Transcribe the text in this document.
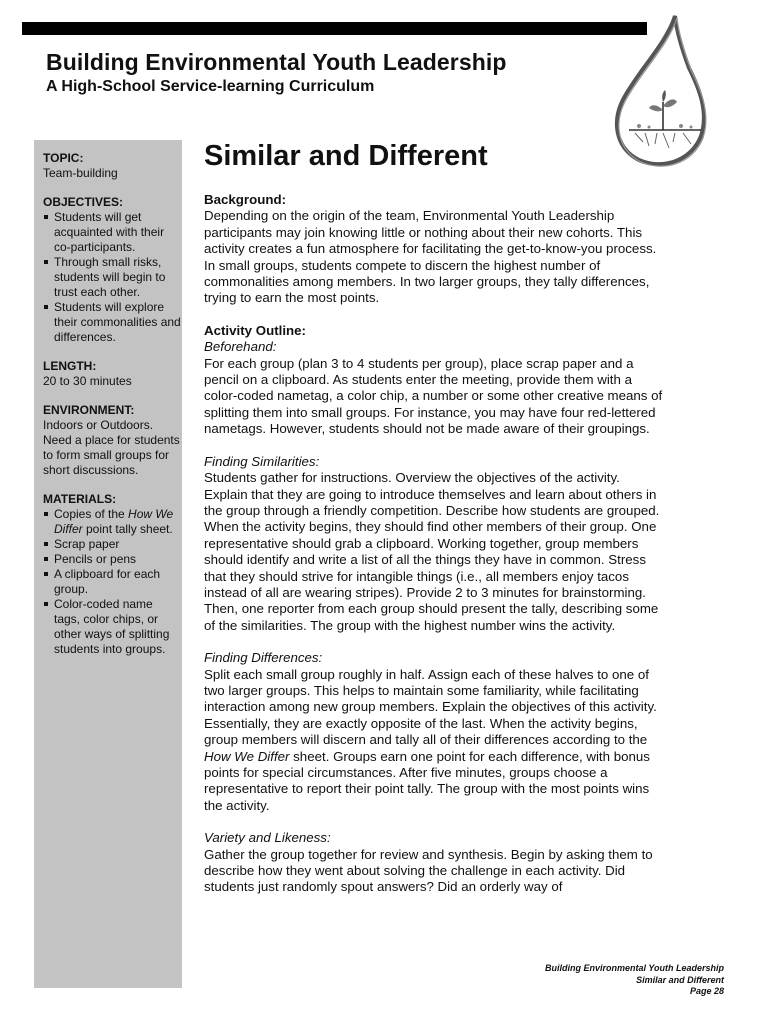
Building Environmental Youth Leadership
A High-School Service-learning Curriculum

TOPIC:

Team-building

OBJECTIVES:

Students will get acquainted with their co-participants.
Through small risks, students will begin to trust each other.
Students will explore their commonalities and differences.

LENGTH:

20 to 30 minutes

ENVIRONMENT:

Indoors or Outdoors. Need a place for students to form small groups for short discussions.

MATERIALS:

Copies of the How We Differ point tally sheet.
Scrap paper
Pencils or pens
A clipboard for each group.
Color-coded name tags, color chips, or other ways of splitting students into groups.
Similar and Different

Background:

Depending on the origin of the team, Environmental Youth Leadership participants may join knowing little or nothing about their new cohorts. This activity creates a fun atmosphere for facilitating the get-to-know-you process. In small groups, students compete to discern the highest number of commonalities among members. In two larger groups, they tally differences, trying to earn the most points.

Activity Outline:

Beforehand:

For each group (plan 3 to 4 students per group), place scrap paper and a pencil on a clipboard. As students enter the meeting, provide them with a color-coded nametag, a color chip, a number or some other creative means of splitting them into small groups. For instance, you may have four red-lettered nametags. However, students should not be made aware of their groupings.

Finding Similarities:

Students gather for instructions. Overview the objectives of the activity. Explain that they are going to introduce themselves and learn about others in the group through a friendly competition. Describe how students are grouped. When the activity begins, they should find other members of their group. One representative should grab a clipboard. Working together, group members should identify and write a list of all the things they have in common. Stress that they should strive for intangible things (i.e., all members enjoy tacos instead of all are wearing stripes). Provide 2 to 3 minutes for brainstorming. Then, one reporter from each group should present the tally, describing some of the similarities. The group with the highest number wins the activity.

Finding Differences:

Split each small group roughly in half. Assign each of these halves to one of two larger groups. This helps to maintain some familiarity, while facilitating interaction among new group members. Explain the objectives of this activity. Essentially, they are exactly opposite of the last. When the activity begins, group members will discern and tally all of their differences according to the How We Differ sheet. Groups earn one point for each difference, with bonus points for special circumstances. After five minutes, groups choose a representative to report their point tally. The group with the most points wins the activity.

Variety and Likeness:

Gather the group together for review and synthesis. Begin by asking them to describe how they went about solving the challenge in each activity. Did students just randomly spout answers? Did an orderly way of

Building Environmental Youth Leadership
Similar and Different
Page 28
